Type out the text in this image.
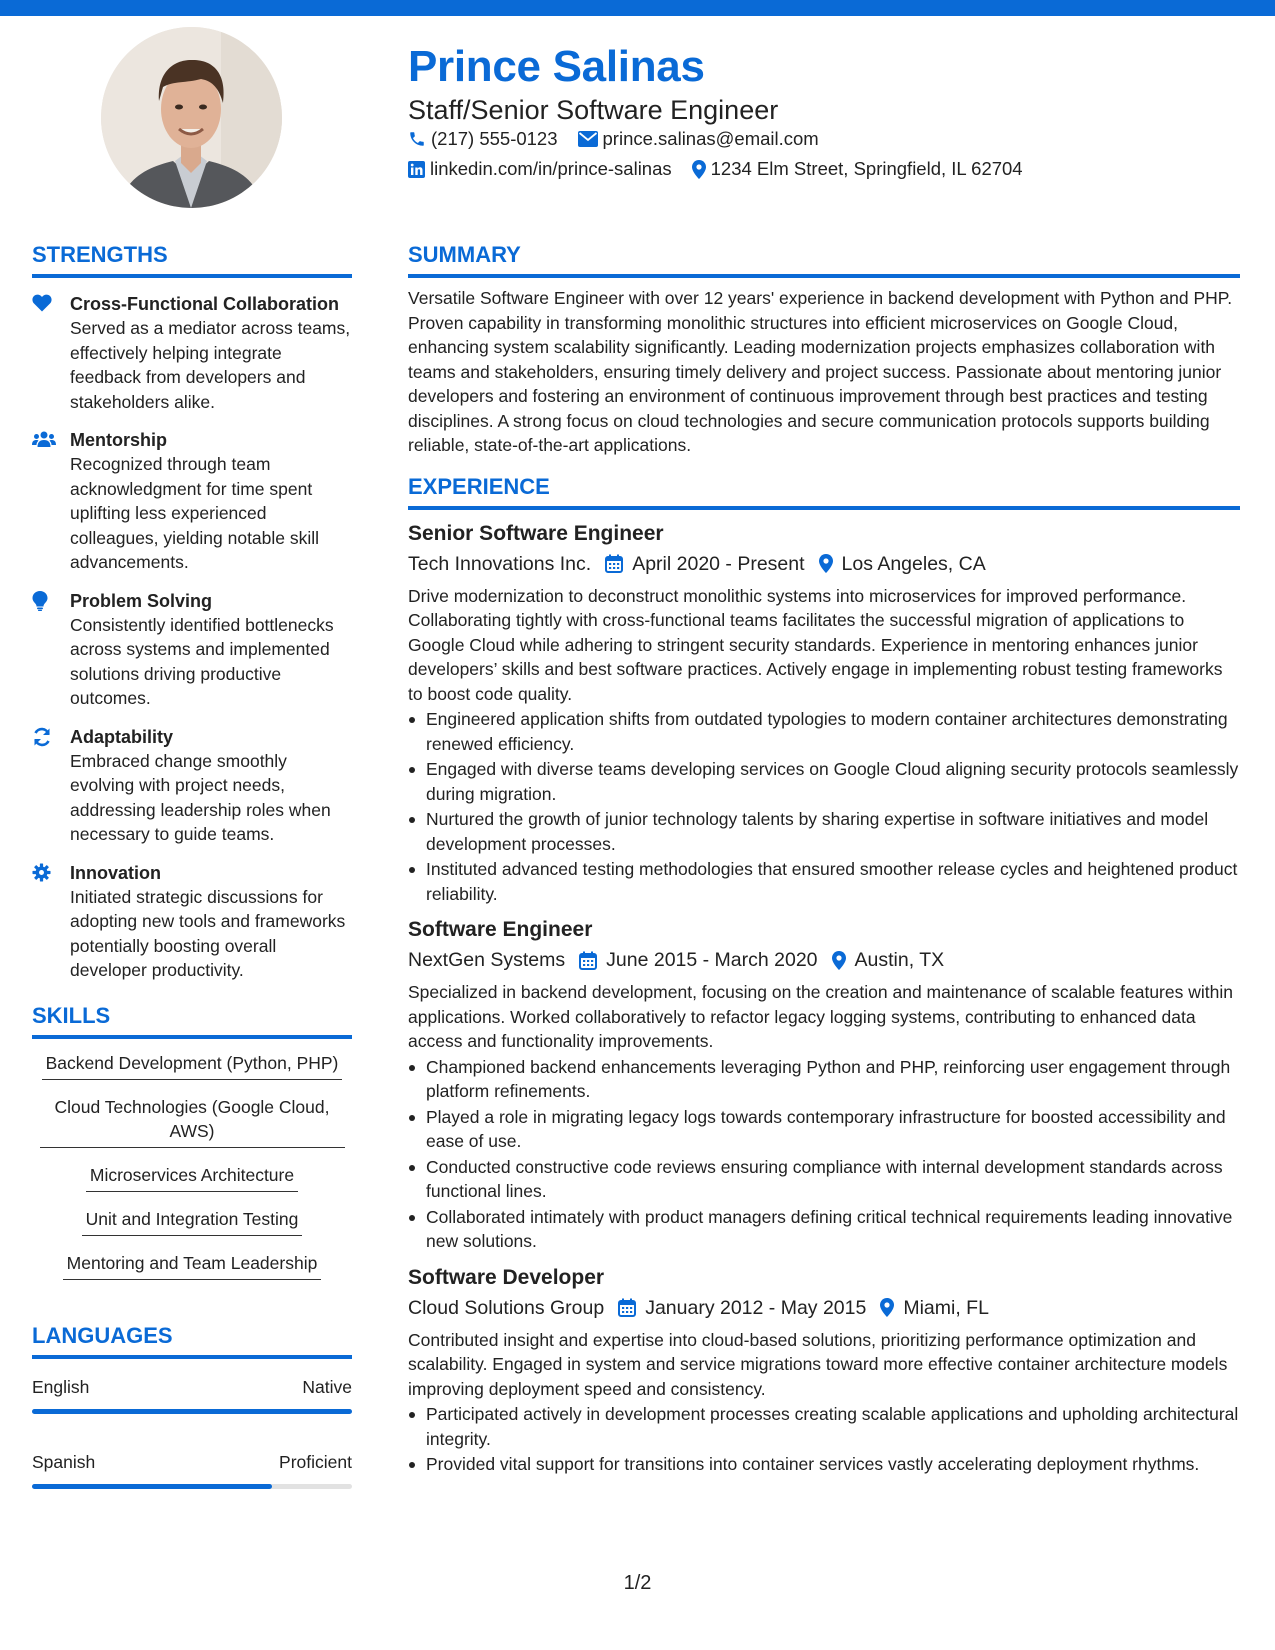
Prince Salinas
Staff/Senior Software Engineer
(217) 555-0123 prince.salinas@email.com
linkedin.com/in/prince-salinas 1234 Elm Street, Springfield, IL 62704
STRENGTHS
Cross-Functional Collaboration
Served as a mediator across teams, effectively helping integrate feedback from developers and stakeholders alike.
Mentorship
Recognized through team acknowledgment for time spent uplifting less experienced colleagues, yielding notable skill advancements.
Problem Solving
Consistently identified bottlenecks across systems and implemented solutions driving productive outcomes.
Adaptability
Embraced change smoothly evolving with project needs, addressing leadership roles when necessary to guide teams.
Innovation
Initiated strategic discussions for adopting new tools and frameworks potentially boosting overall developer productivity.
SKILLS
Backend Development (Python, PHP)
Cloud Technologies (Google Cloud, AWS)
Microservices Architecture
Unit and Integration Testing
Mentoring and Team Leadership
LANGUAGES
English	Native
Spanish	Proficient
SUMMARY
Versatile Software Engineer with over 12 years' experience in backend development with Python and PHP. Proven capability in transforming monolithic structures into efficient microservices on Google Cloud, enhancing system scalability significantly. Leading modernization projects emphasizes collaboration with teams and stakeholders, ensuring timely delivery and project success. Passionate about mentoring junior developers and fostering an environment of continuous improvement through best practices and testing disciplines. A strong focus on cloud technologies and secure communication protocols supports building reliable, state-of-the-art applications.
EXPERIENCE
Senior Software Engineer
Tech Innovations Inc. April 2020 - Present Los Angeles, CA
Drive modernization to deconstruct monolithic systems into microservices for improved performance. Collaborating tightly with cross-functional teams facilitates the successful migration of applications to Google Cloud while adhering to stringent security standards. Experience in mentoring enhances junior developers’ skills and best software practices. Actively engage in implementing robust testing frameworks to boost code quality.
Engineered application shifts from outdated typologies to modern container architectures demonstrating renewed efficiency.
Engaged with diverse teams developing services on Google Cloud aligning security protocols seamlessly during migration.
Nurtured the growth of junior technology talents by sharing expertise in software initiatives and model development processes.
Instituted advanced testing methodologies that ensured smoother release cycles and heightened product reliability.
Software Engineer
NextGen Systems June 2015 - March 2020 Austin, TX
Specialized in backend development, focusing on the creation and maintenance of scalable features within applications. Worked collaboratively to refactor legacy logging systems, contributing to enhanced data access and functionality improvements.
Championed backend enhancements leveraging Python and PHP, reinforcing user engagement through platform refinements.
Played a role in migrating legacy logs towards contemporary infrastructure for boosted accessibility and ease of use.
Conducted constructive code reviews ensuring compliance with internal development standards across functional lines.
Collaborated intimately with product managers defining critical technical requirements leading innovative new solutions.
Software Developer
Cloud Solutions Group January 2012 - May 2015 Miami, FL
Contributed insight and expertise into cloud-based solutions, prioritizing performance optimization and scalability. Engaged in system and service migrations toward more effective container architecture models improving deployment speed and consistency.
Participated actively in development processes creating scalable applications and upholding architectural integrity.
Provided vital support for transitions into container services vastly accelerating deployment rhythms.
1/2
